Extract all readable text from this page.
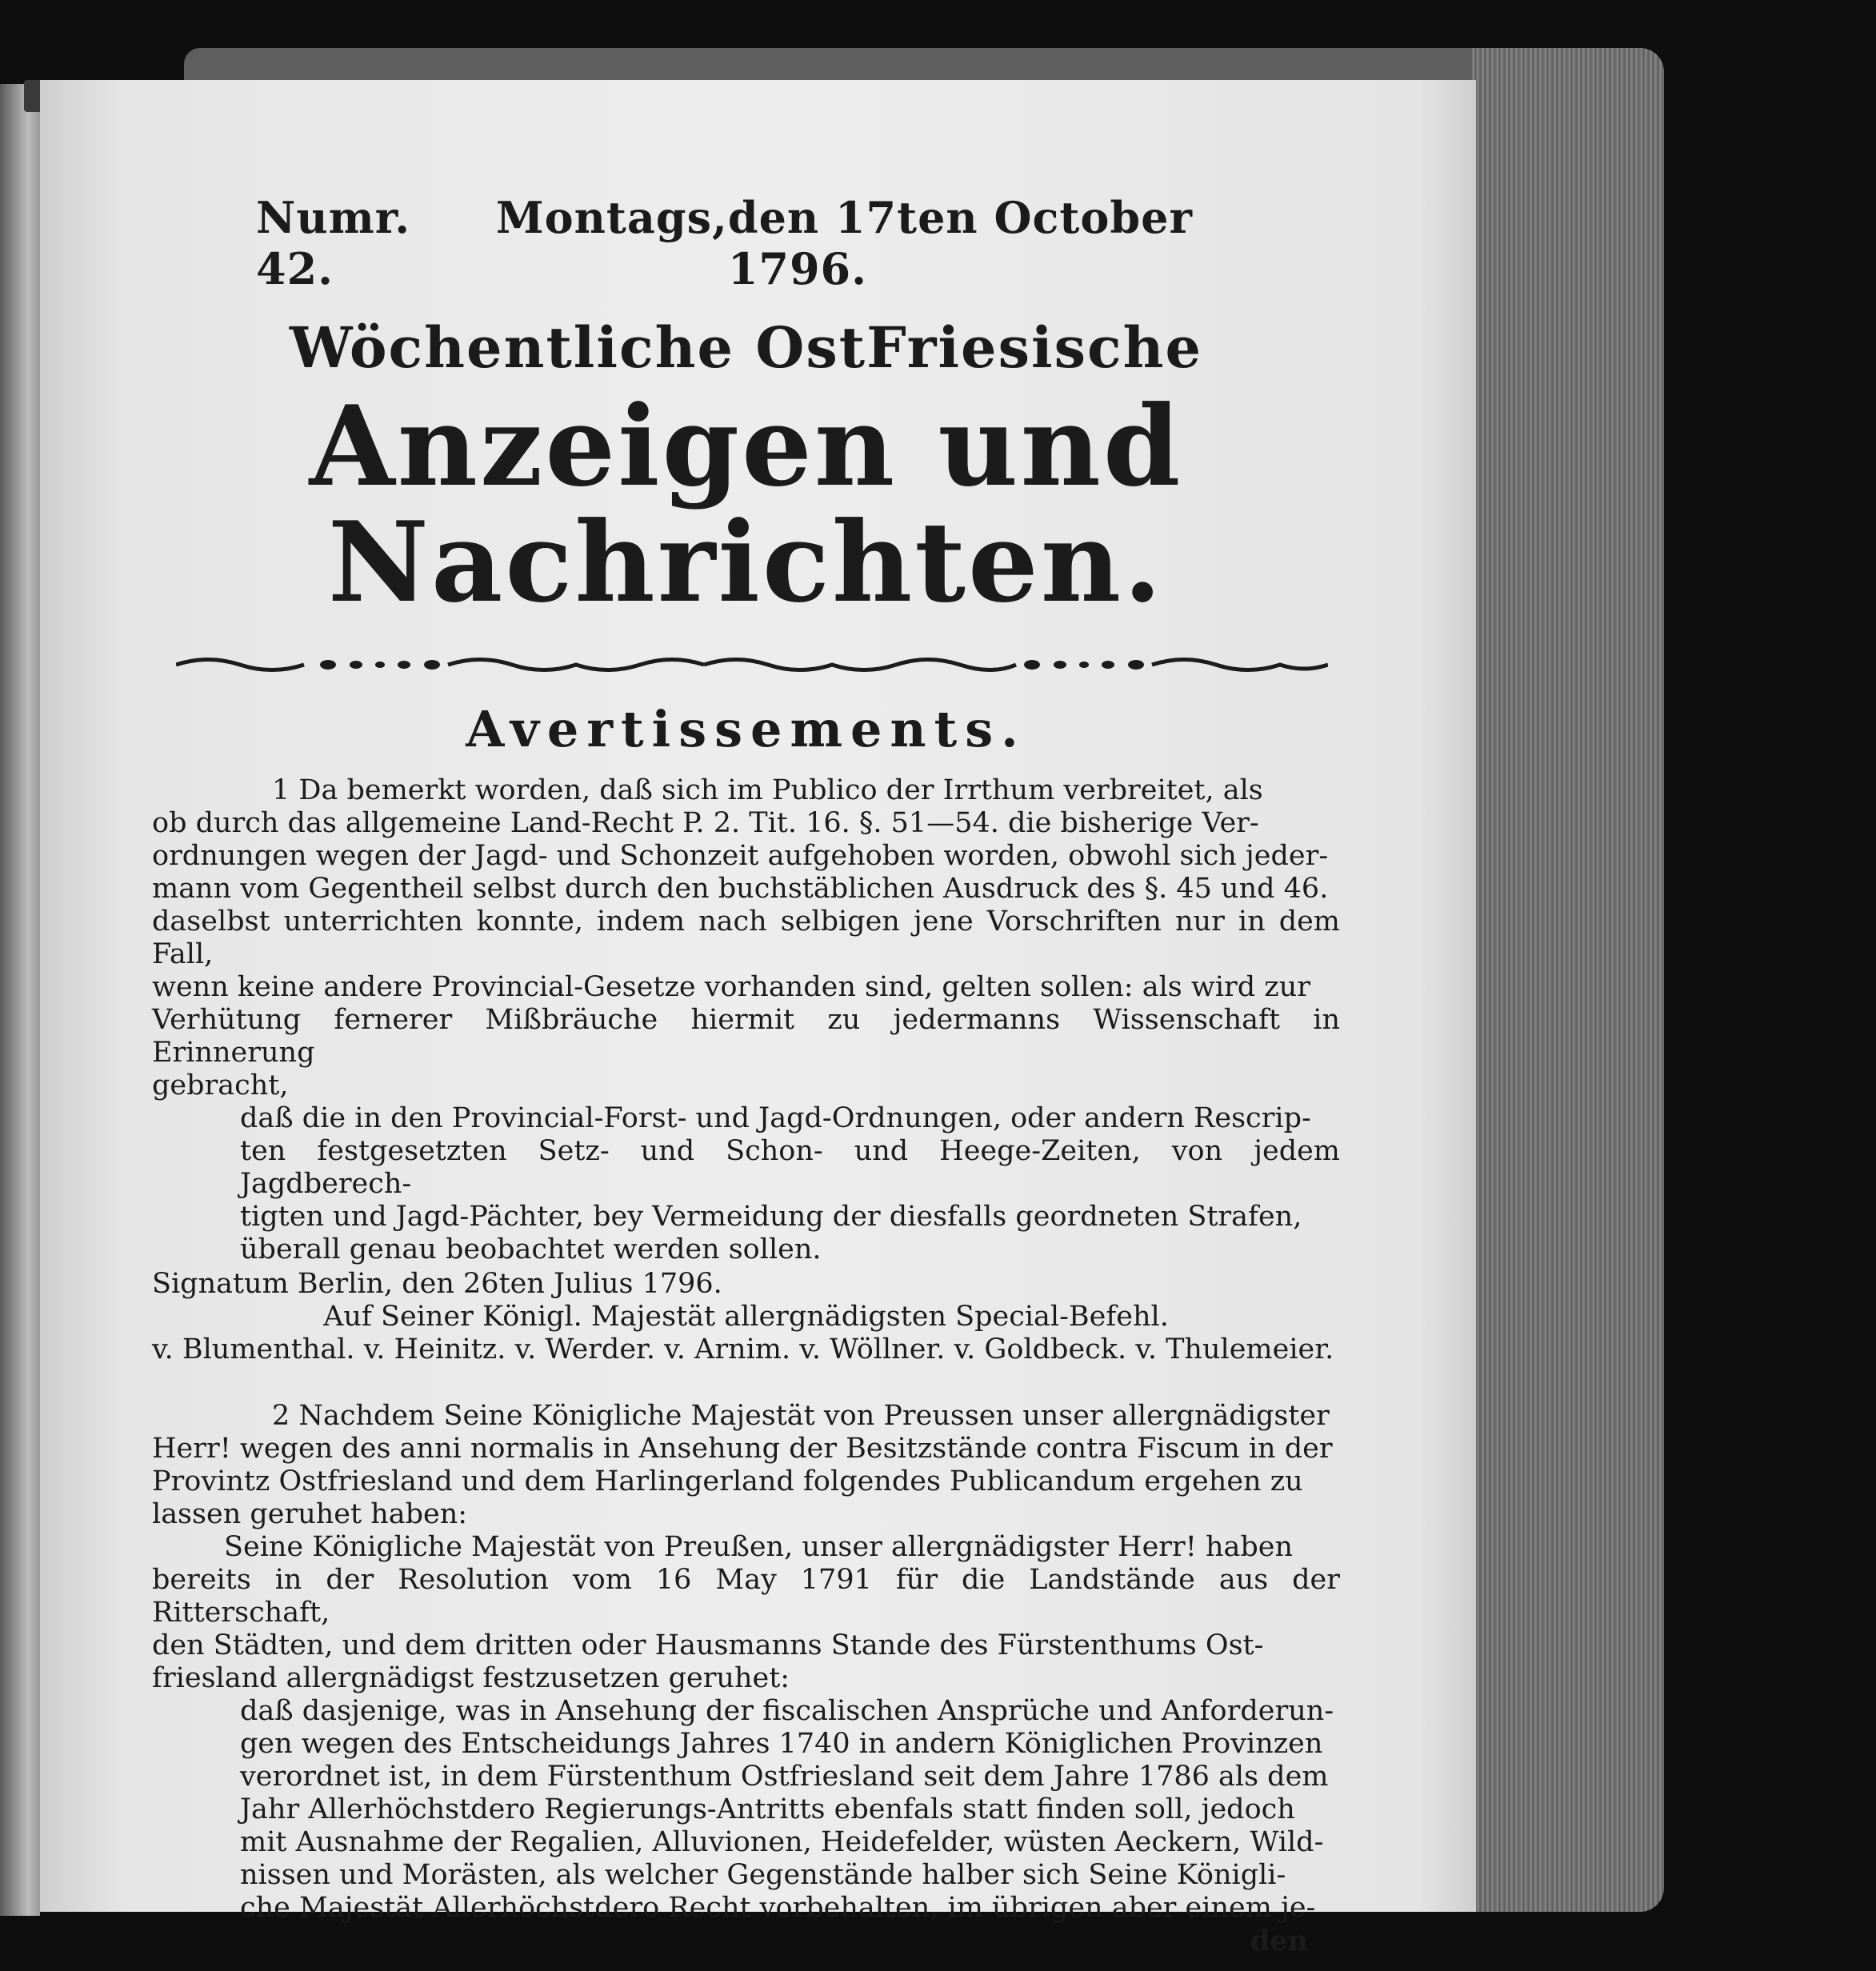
Numr. 42.
Montags, den 17ten October 1796.
Wöchentliche OstFriesische
Anzeigen und Nachrichten.
Avertissements.
1 Da bemerkt worden, daß sich im Publico der Irrthum verbreitet, als
ob durch das allgemeine Land-Recht P. 2. Tit. 16. §. 51—54. die bisherige Ver-
ordnungen wegen der Jagd- und Schonzeit aufgehoben worden, obwohl sich jeder-
mann vom Gegentheil selbst durch den buchstäblichen Ausdruck des §. 45 und 46.
daselbst unterrichten konnte, indem nach selbigen jene Vorschriften nur in dem Fall,
wenn keine andere Provincial-Gesetze vorhanden sind, gelten sollen: als wird zur
Verhütung fernerer Mißbräuche hiermit zu jedermanns Wissenschaft in Erinnerung
gebracht,
daß die in den Provincial-Forst- und Jagd-Ordnungen, oder andern Rescrip-
ten festgesetzten Setz- und Schon- und Heege-Zeiten, von jedem Jagdberech-
tigten und Jagd-Pächter, bey Vermeidung der diesfalls geordneten Strafen,
überall genau beobachtet werden sollen.
Signatum Berlin, den 26ten Julius 1796.
Auf Seiner Königl. Majestät allergnädigsten Special-Befehl.
v. Blumenthal. v. Heinitz. v. Werder. v. Arnim. v. Wöllner. v. Goldbeck. v. Thulemeier.
2 Nachdem Seine Königliche Majestät von Preussen unser allergnädigster
Herr! wegen des anni normalis in Ansehung der Besitzstände contra Fiscum in der
Provintz Ostfriesland und dem Harlingerland folgendes Publicandum ergehen zu
lassen geruhet haben:
Seine Königliche Majestät von Preußen, unser allergnädigster Herr! haben
bereits in der Resolution vom 16 May 1791 für die Landstände aus der Ritterschaft,
den Städten, und dem dritten oder Hausmanns Stande des Fürstenthums Ost-
friesland allergnädigst festzusetzen geruhet:
daß dasjenige, was in Ansehung der fiscalischen Ansprüche und Anforderun-
gen wegen des Entscheidungs Jahres 1740 in andern Königlichen Provinzen
verordnet ist, in dem Fürstenthum Ostfriesland seit dem Jahre 1786 als dem
Jahr Allerhöchstdero Regierungs-Antritts ebenfals statt finden soll, jedoch
mit Ausnahme der Regalien, Alluvionen, Heidefelder, wüsten Aeckern, Wild-
nissen und Morästen, als welcher Gegenstände halber sich Seine Königli-
che Majestät Allerhöchstdero Recht vorbehalten, im übrigen aber einem je-
den
